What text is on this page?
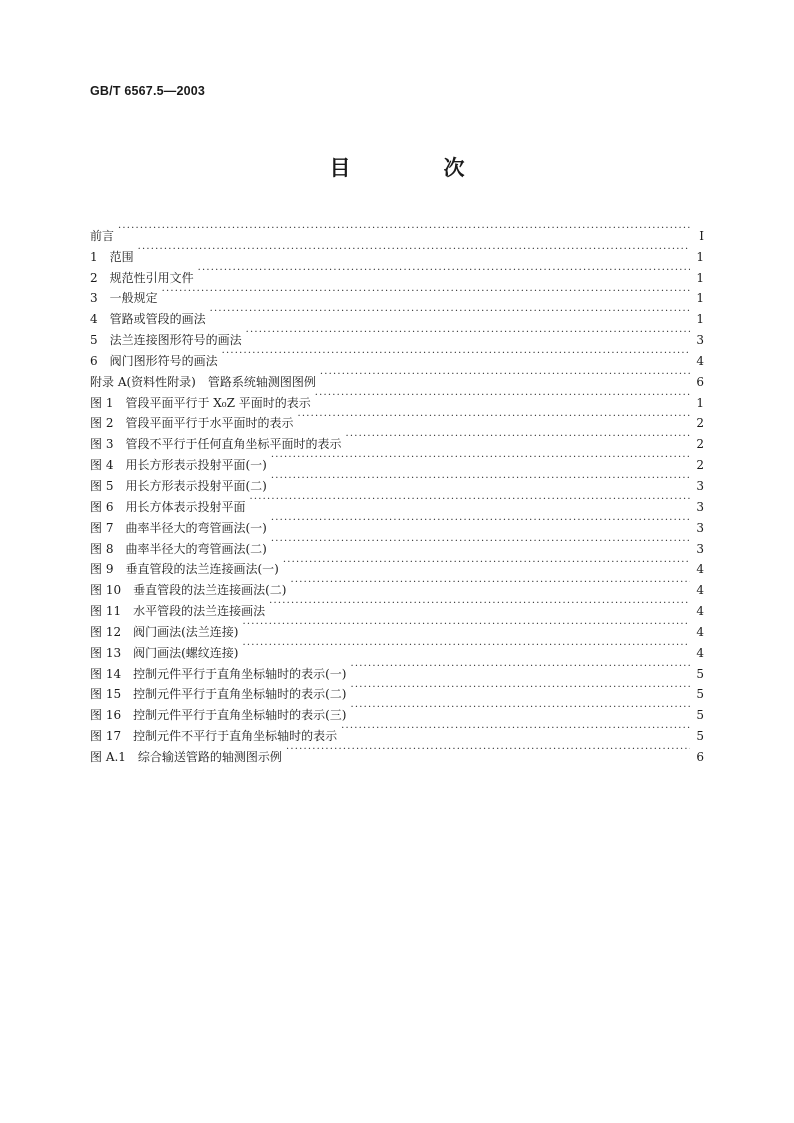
GB/T 6567.5—2003
目　次
前言 ·····	I
1　范围 ·····	1
2　规范性引用文件 ·····	1
3　一般规定 ·····	1
4　管路或管段的画法 ·····	1
5　法兰连接图形符号的画法 ·····	3
6　阀门图形符号的画法 ·····	4
附录 A(资料性附录)　管路系统轴测图图例 ·····	6
图 1　管段平面平行于 X₀Z 平面时的表示 ·····	1
图 2　管段平面平行于水平面时的表示 ·····	2
图 3　管段不平行于任何直角坐标平面时的表示 ·····	2
图 4　用长方形表示投射平面(一) ·····	2
图 5　用长方形表示投射平面(二) ·····	3
图 6　用长方体表示投射平面 ·····	3
图 7　曲率半径大的弯管画法(一) ·····	3
图 8　曲率半径大的弯管画法(二) ·····	3
图 9　垂直管段的法兰连接画法(一) ·····	4
图 10　垂直管段的法兰连接画法(二) ·····	4
图 11　水平管段的法兰连接画法 ·····	4
图 12　阀门画法(法兰连接) ·····	4
图 13　阀门画法(螺纹连接) ·····	4
图 14　控制元件平行于直角坐标轴时的表示(一) ·····	5
图 15　控制元件平行于直角坐标轴时的表示(二) ·····	5
图 16　控制元件平行于直角坐标轴时的表示(三) ·····	5
图 17　控制元件不平行于直角坐标轴时的表示 ·····	5
图 A.1　综合输送管路的轴测图示例 ·····	6
